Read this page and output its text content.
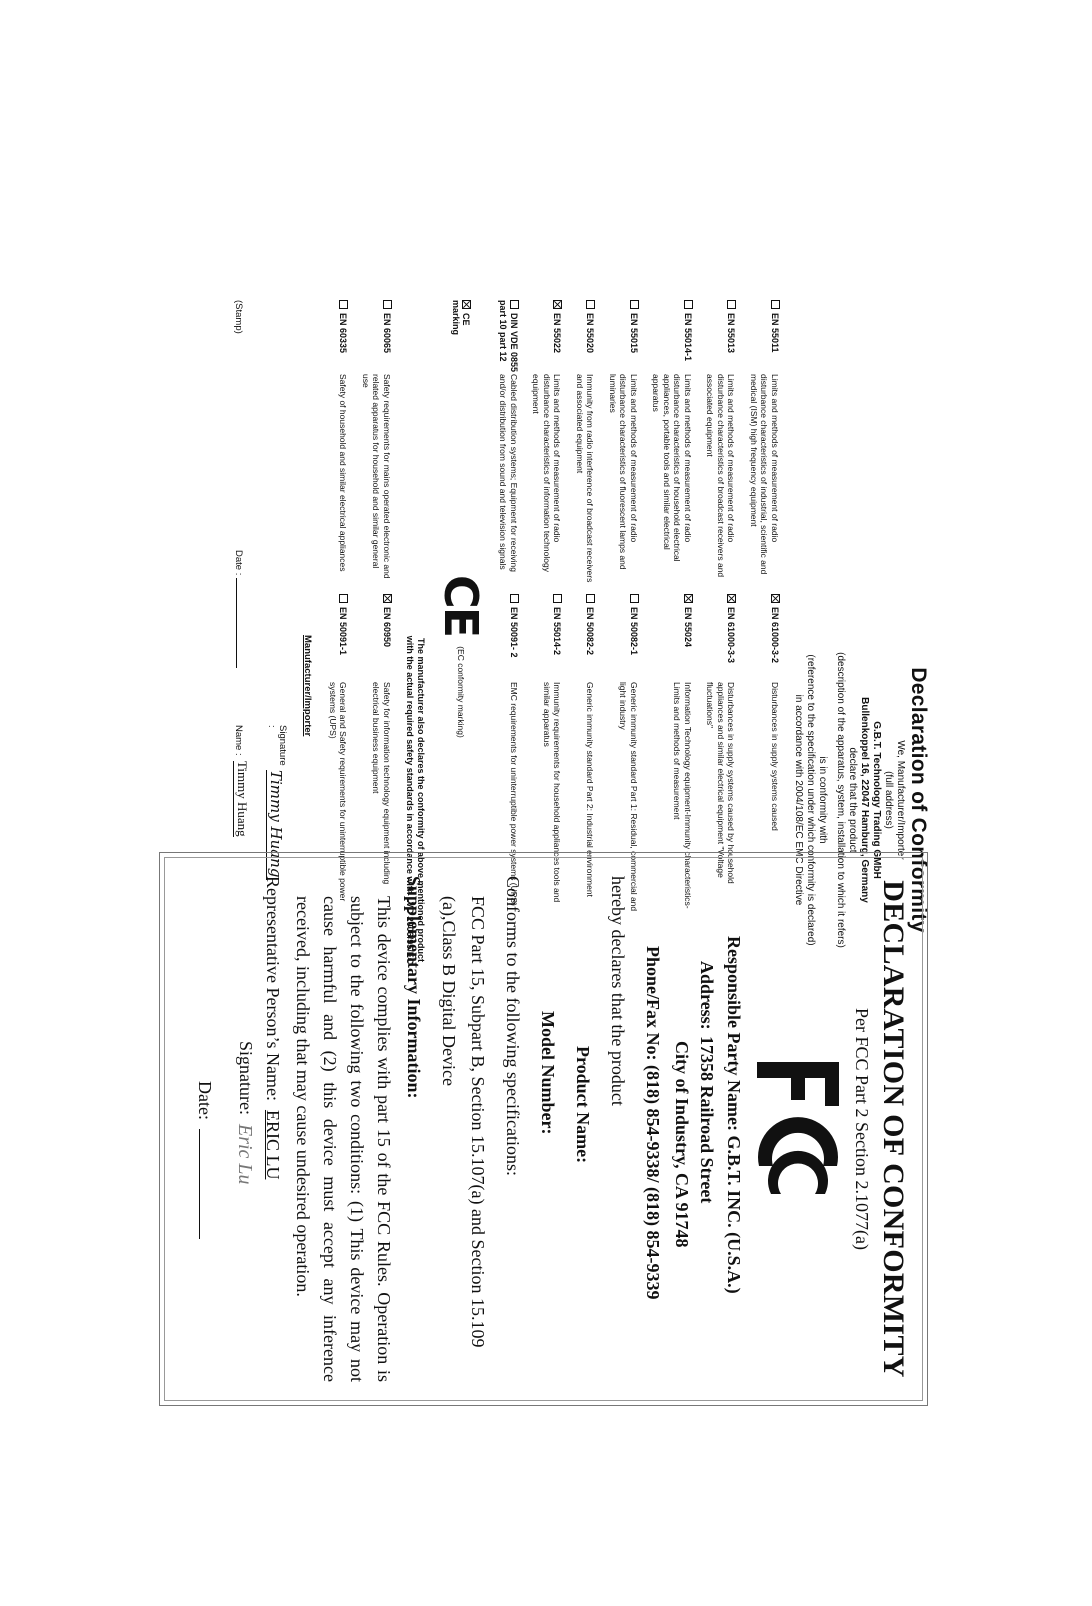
Declaration of Conformity
We, Manufacturer/Importer
(full address)
G.B.T. Technology Trading GMbH
Bullenkoppel 16, 22047 Hamburg, Germany
declare that the product
(description of the apparatus, system, installation to which it refers)
is in conformity with
(reference to the specification under which conformity is declared)
in accordance with 2004/108/EC EMC Directive
EN 55011
Limits and methods of measurement of radio disturbance characteristics of industrial, scientific and medical (ISM) high frequency equipment
EN 61000-3-2
Disturbances in supply systems caused
EN 55013
Limits and methods of measurement of radio disturbance characteristics of broadcast receivers and associated equipment
EN 61000-3-3
Disturbances in supply systems caused by household appliances and similar electrical equipment "Voltage fluctuations"
EN 55014-1
Limits and methods of measurement of radio disturbance characteristics of household electrical appliances, portable tools and similar electrical apparatus
EN 55024
Information Technology equipment-Immunity characteristics-Limits and methods of measurement
EN 55015
Limits and methods of measurement of radio disturbance characteristics of fluorescent lamps and luminaries
EN 50082-1
Generic immunity standard Part 1: Residual, commercial and light industry
EN 55020
Immunity from radio interference of broadcast receivers and associated equipment
EN 50082-2
Generic immunity standard Part 2: Industrial environment
EN 55022
Limits and methods of measurement of radio disturbance characteristics of information technology equipment
EN 55014-2
Immunity requirements for household appliances tools and similar apparatus
DIN VDE 0855 part 10 part 12
Cabled distribution systems; Equipment for receiving and/or distribution from sound and television signals
EN 50091- 2
EMC requirements for uninterruptible power systems (UPS)
CE marking
CE
(EC conformity marking)
The manufacturer also declares the conformity of above mentioned product
with the actual required safety standards in accordance with LVD 2006/95/EC
EN 60065
Safety requirements for mains operated electronic and related apparatus for household and similar general use
EN 60950
Safety for information technology equipment including electrical business equipment
EN 60335
Safety of household and similar electrical appliances
EN 50091-1
General and Safety requirements for uninterruptible power systems (UPS)
Manufacturer/Importer
Signature :
Timmy Huang
(Stamp)
Date :
Name :

Timmy Huang
DECLARATION OF CONFORMITY
Per FCC Part 2 Section 2.1077(a)
Responsible Party Name: G.B.T. INC. (U.S.A.)
Address:17358 Railroad Street
City of Industry, CA 91748
Phone/Fax No: (818) 854-9338/ (818) 854-9339
hereby declares that the product
Product Name:
Model Number:
Conforms to the following specifications:
FCC Part 15, Subpart B, Section 15.107(a) and Section 15.109
(a),Class B Digital Device
Supplementary Information:
This device complies with part 15 of the FCC Rules. Operation is subject to the following two conditions: (1) This device may not cause harmful and (2) this device must accept any inference received, including that may cause undesired operation.
Representative Person’s Name:

ERIC LU
Signature:

Eric Lu
Date:
